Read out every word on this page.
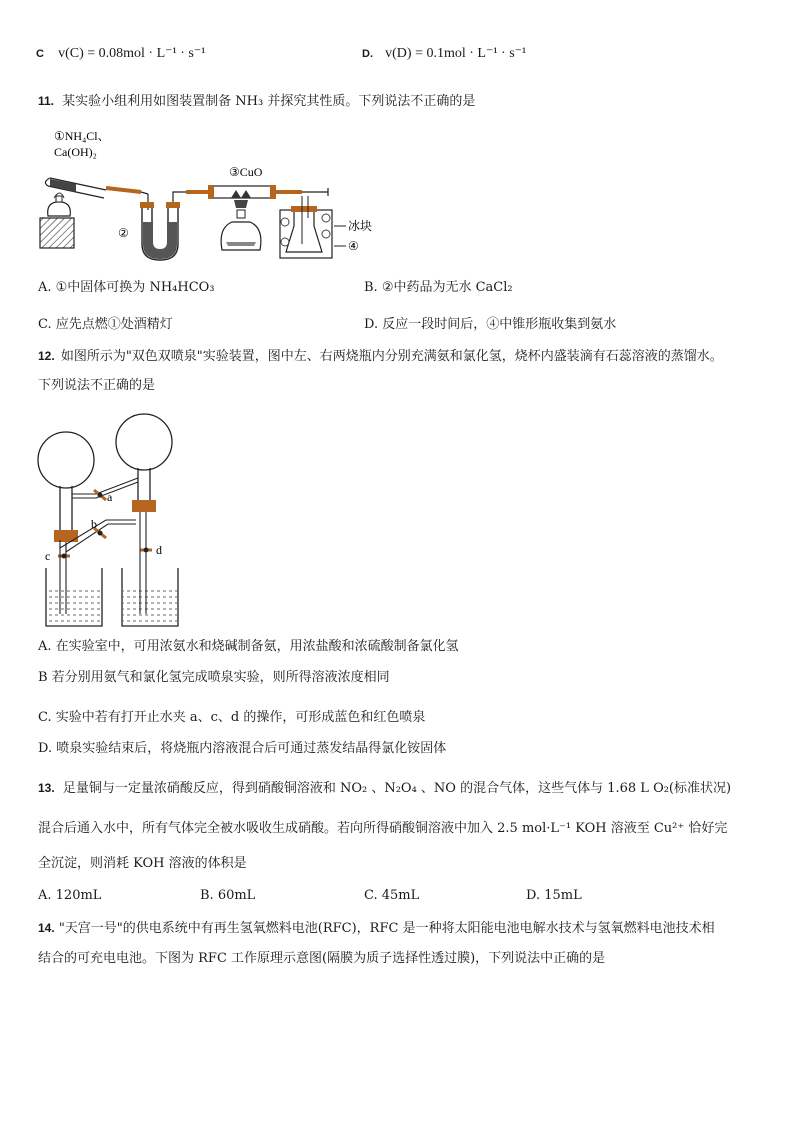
C v(C) = 0.08mol · L⁻¹ · s⁻¹	D. v(D) = 0.1mol · L⁻¹ · s⁻¹
11. 某实验小组利用如图装置制备 NH₃ 并探究其性质。下列说法不正确的是
①NH₄Cl、
Ca(OH)₂
②
③CuO
冰块
④
A. ①中固体可换为 NH₄HCO₃	B. ②中药品为无水 CaCl₂
C. 应先点燃①处酒精灯	D. 反应一段时间后，④中锥形瓶收集到氨水
12. 如图所示为"双色双喷泉"实验装置，图中左、右两烧瓶内分别充满氨和氯化氢，烧杯内盛装滴有石蕊溶液的蒸馏水。
下列说法不正确的是
a
b
c	d
A. 在实验室中，可用浓氨水和烧碱制备氨，用浓盐酸和浓硫酸制备氯化氢
B 若分别用氨气和氯化氢完成喷泉实验，则所得溶液浓度相同
C. 实验中若有打开止水夹 a、c、d 的操作，可形成蓝色和红色喷泉
D. 喷泉实验结束后，将烧瓶内溶液混合后可通过蒸发结晶得氯化铵固体
13. 足量铜与一定量浓硝酸反应，得到硝酸铜溶液和 NO₂ 、N₂O₄ 、NO 的混合气体，这些气体与 1.68 L O₂(标准状况)
混合后通入水中，所有气体完全被水吸收生成硝酸。若向所得硝酸铜溶液中加入 2.5 mol·L⁻¹ KOH 溶液至 Cu²⁺ 恰好完
全沉淀，则消耗 KOH 溶液的体积是
A. 120mL	B. 60mL	C. 45mL	D. 15mL
14. "天宫一号"的供电系统中有再生氢氧燃料电池(RFC)，RFC 是一种将太阳能电池电解水技术与氢氧燃料电池技术相
结合的可充电电池。下图为 RFC 工作原理示意图(隔膜为质子选择性透过膜)，下列说法中正确的是
